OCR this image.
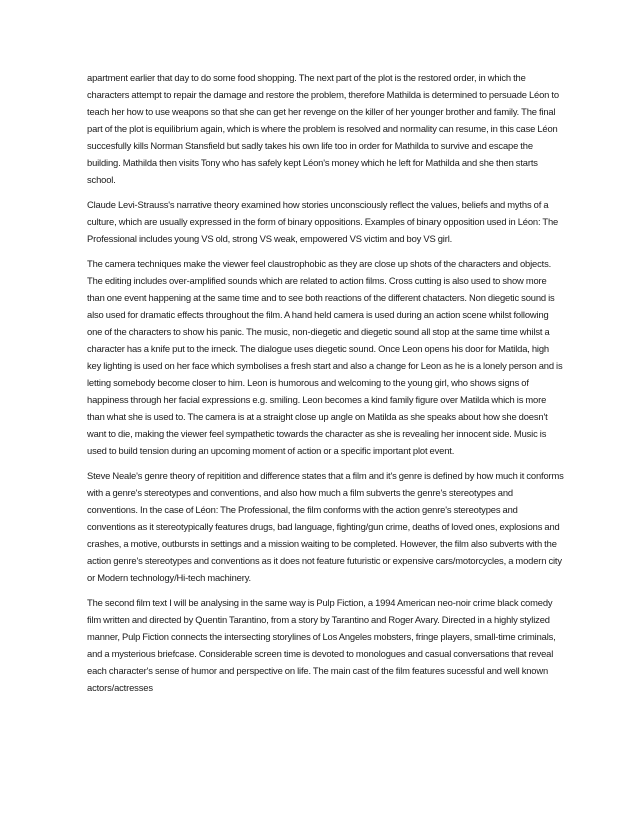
apartment earlier that day to do some food shopping. The next part of the plot is the restored order, in which the characters attempt to repair the damage and restore the problem, therefore Mathilda is determined to persuade Léon to teach her how to use weapons so that she can get her revenge on the killer of her younger brother and family. The final part of the plot is equilibrium again, which is where the problem is resolved and normality can resume, in this case Léon succesfully kills Norman Stansfield but sadly takes his own life too in order for Mathilda to survive and escape the building. Mathilda then visits Tony who has safely kept Léon's money which he left for Mathilda and she then starts school.

Claude Levi-Strauss's narrative theory examined how stories unconsciously reflect the values, beliefs and myths of a culture, which are usually expressed in the form of binary oppositions. Examples of binary opposition used in Léon: The Professional includes young VS old, strong VS weak, empowered VS victim and boy VS girl.

The camera techniques make the viewer feel claustrophobic as they are close up shots of the characters and objects. The editing includes over-amplified sounds which are related to action films. Cross cutting is also used to show more than one event happening at the same time and to see both reactions of the different chatacters. Non diegetic sound is also used for dramatic effects throughout the film. A hand held camera is used during an action scene whilst following one of the characters to show his panic. The music, non-diegetic and diegetic sound all stop at the same time whilst a character has a knife put to the irneck. The dialogue uses diegetic sound. Once Leon opens his door for Matilda, high key lighting is used on her face which symbolises a fresh start and also a change for Leon as he is a lonely person and is letting somebody become closer to him. Leon is humorous and welcoming to the young girl, who shows signs of happiness through her facial expressions e.g. smiling. Leon becomes a kind family figure over Matilda which is more than what she is used to. The camera is at a straight close up angle on Matilda as she speaks about how she doesn't want to die, making the viewer feel sympathetic towards the character as she is revealing her innocent side. Music is used to build tension during an upcoming moment of action or a specific important plot event.

Steve Neale's genre theory of repitition and difference states that a film and it's genre is defined by how much it conforms with a genre's stereotypes and conventions, and also how much a film subverts the genre's stereotypes and conventions. In the case of Léon: The Professional, the film conforms with the action genre's stereotypes and conventions as it stereotypically features drugs, bad language, fighting/gun crime, deaths of loved ones, explosions and crashes, a motive, outbursts in settings and a mission waiting to be completed. However, the film also subverts with the action genre's stereotypes and conventions as it does not feature futuristic or expensive cars/motorcycles, a modern city or Modern technology/Hi-tech machinery.

The second film text I will be analysing in the same way is Pulp Fiction, a 1994 American neo-noir crime black comedy film written and directed by Quentin Tarantino, from a story by Tarantino and Roger Avary. Directed in a highly stylized manner, Pulp Fiction connects the intersecting storylines of Los Angeles mobsters, fringe players, small-time criminals, and a mysterious briefcase. Considerable screen time is devoted to monologues and casual conversations that reveal each character's sense of humor and perspective on life. The main cast of the film features sucessful and well known actors/actresses
